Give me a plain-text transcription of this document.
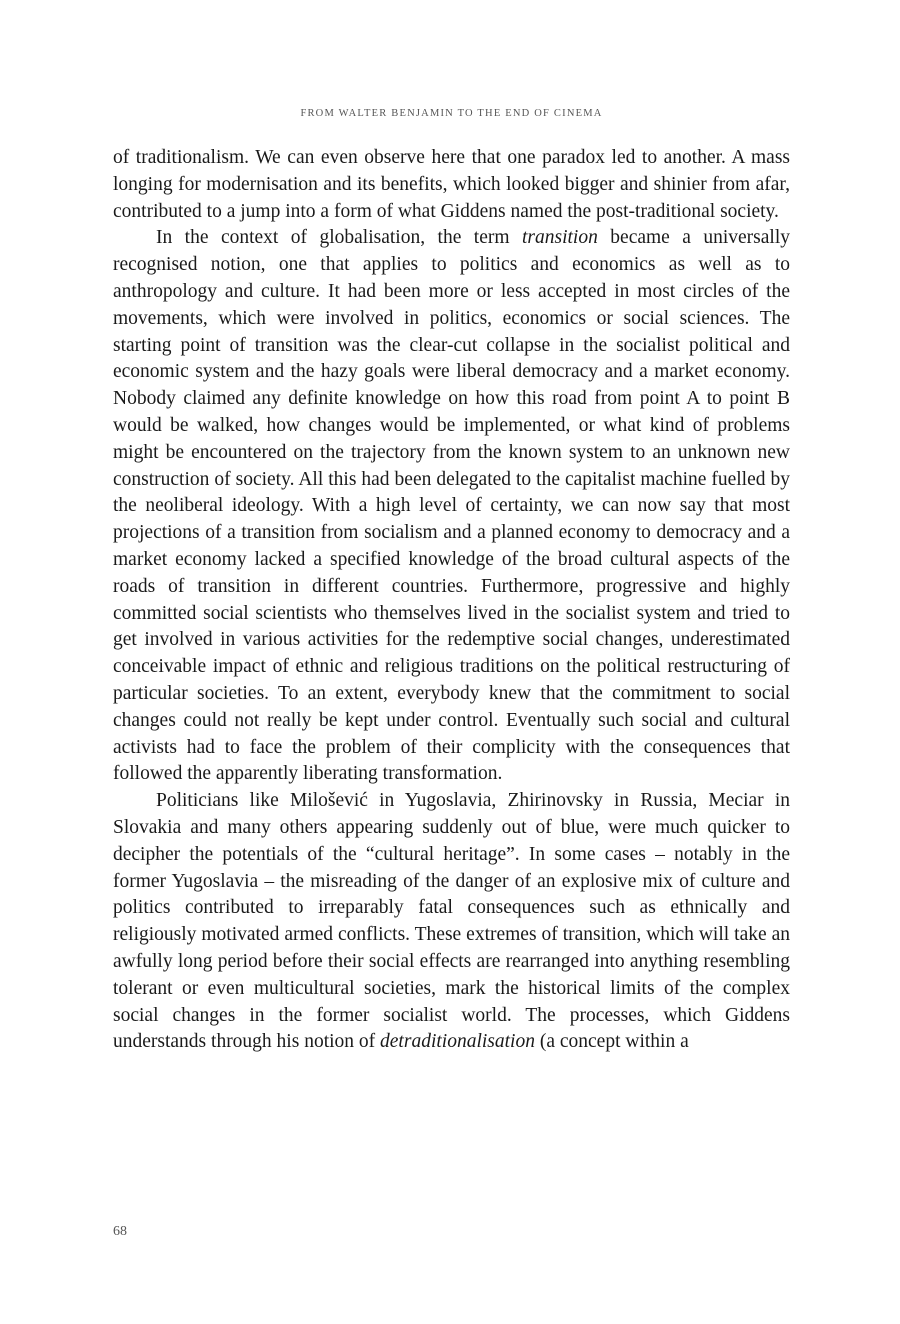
FROM WALTER BENJAMIN TO THE END OF CINEMA

of traditionalism. We can even observe here that one paradox led to another. A mass longing for modernisation and its benefits, which looked bigger and shinier from afar, contributed to a jump into a form of what Giddens named the post-traditional society.

In the context of globalisation, the term transition became a universally recognised notion, one that applies to politics and economics as well as to anthropology and culture. It had been more or less accepted in most circles of the movements, which were involved in politics, economics or social sciences. The starting point of transition was the clear-cut collapse in the socialist political and economic system and the hazy goals were liberal democracy and a market economy. Nobody claimed any definite knowledge on how this road from point A to point B would be walked, how changes would be implemented, or what kind of problems might be encountered on the trajectory from the known system to an unknown new construction of society. All this had been delegated to the capitalist machine fuelled by the neoliberal ideology. With a high level of certainty, we can now say that most projections of a transition from socialism and a planned economy to democracy and a market economy lacked a specified knowledge of the broad cultural aspects of the roads of transition in different countries. Furthermore, progressive and highly committed social scientists who themselves lived in the socialist system and tried to get involved in various activities for the redemptive social changes, underestimated conceivable impact of ethnic and religious traditions on the political restructuring of particular societies. To an extent, everybody knew that the commitment to social changes could not really be kept under control. Eventually such social and cultural activists had to face the problem of their complicity with the consequences that followed the apparently liberating transformation.

Politicians like Milošević in Yugoslavia, Zhirinovsky in Russia, Meciar in Slovakia and many others appearing suddenly out of blue, were much quicker to decipher the potentials of the “cultural heritage”. In some cases – notably in the former Yugoslavia – the misreading of the danger of an explosive mix of culture and politics contributed to irreparably fatal consequences such as ethnically and religiously motivated armed conflicts. These extremes of transition, which will take an awfully long period before their social effects are rearranged into anything resembling tolerant or even multicultural societies, mark the historical limits of the complex social changes in the former socialist world. The processes, which Giddens understands through his notion of detraditionalisation (a concept within a

68
